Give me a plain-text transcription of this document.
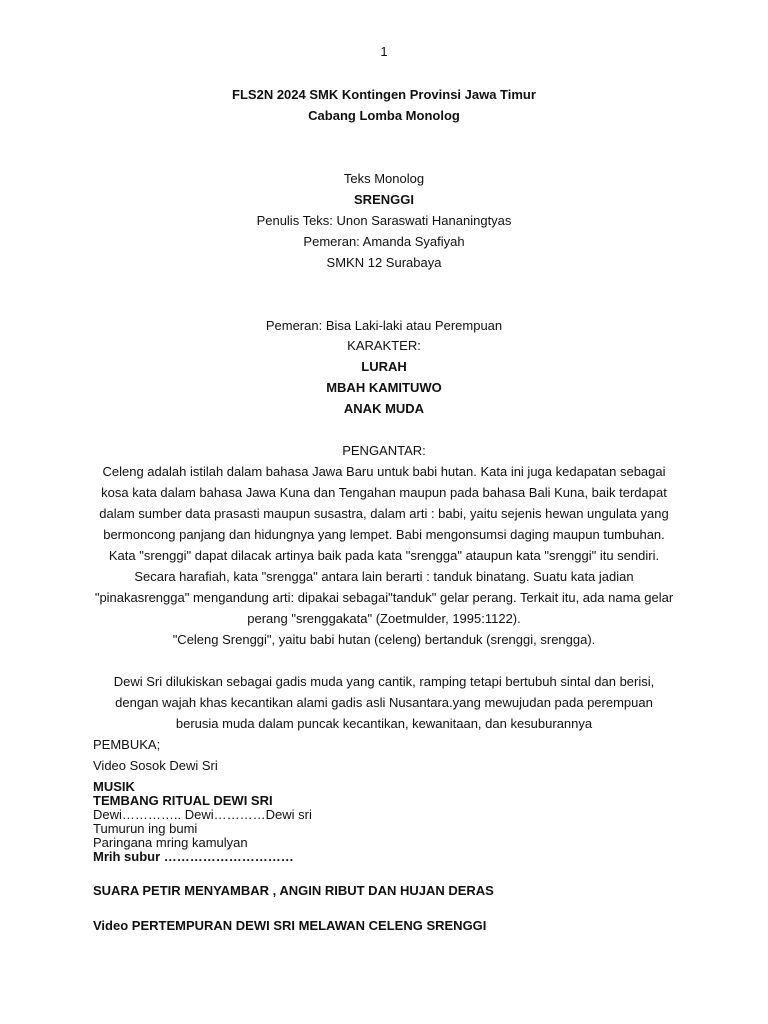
1
FLS2N 2024 SMK Kontingen Provinsi Jawa Timur
Cabang Lomba Monolog
Teks Monolog
SRENGGI
Penulis Teks: Unon Saraswati Hananingtyas
Pemeran: Amanda Syafiyah
SMKN 12 Surabaya
Pemeran: Bisa Laki-laki atau Perempuan
KARAKTER:
LURAH
MBAH KAMITUWO
ANAK MUDA
PENGANTAR:
Celeng adalah istilah dalam bahasa Jawa Baru untuk babi hutan. Kata ini juga kedapatan sebagai
kosa kata dalam bahasa Jawa Kuna dan Tengahan maupun pada bahasa Bali Kuna, baik terdapat
dalam sumber data prasasti maupun susastra, dalam arti : babi, yaitu sejenis hewan ungulata yang
bermoncong panjang dan hidungnya yang lempet. Babi mengonsumsi daging maupun tumbuhan.
Kata "srenggi" dapat dilacak artinya baik pada kata "srengga" ataupun kata "srenggi" itu sendiri.
Secara harafiah, kata "srengga" antara lain berarti : tanduk binatang. Suatu kata jadian
"pinakasrengga" mengandung arti: dipakai sebagai"tanduk" gelar perang. Terkait itu, ada nama gelar
perang "srenggakata" (Zoetmulder, 1995:1122).
"Celeng Srenggi", yaitu babi hutan (celeng) bertanduk (srenggi, srengga).
Dewi Sri dilukiskan sebagai gadis muda yang cantik, ramping tetapi bertubuh sintal dan berisi,
dengan wajah khas kecantikan alami gadis asli Nusantara.yang mewujudan pada perempuan
berusia muda dalam puncak kecantikan, kewanitaan, dan kesuburannya
PEMBUKA;
Video Sosok Dewi Sri
MUSIK
TEMBANG RITUAL DEWI SRI
Dewi………….. Dewi…………Dewi sri
Tumurun ing bumi
Paringana mring kamulyan
Mrih subur …………………………
SUARA PETIR MENYAMBAR , ANGIN RIBUT DAN HUJAN DERAS
Video PERTEMPURAN DEWI SRI MELAWAN CELENG SRENGGI
